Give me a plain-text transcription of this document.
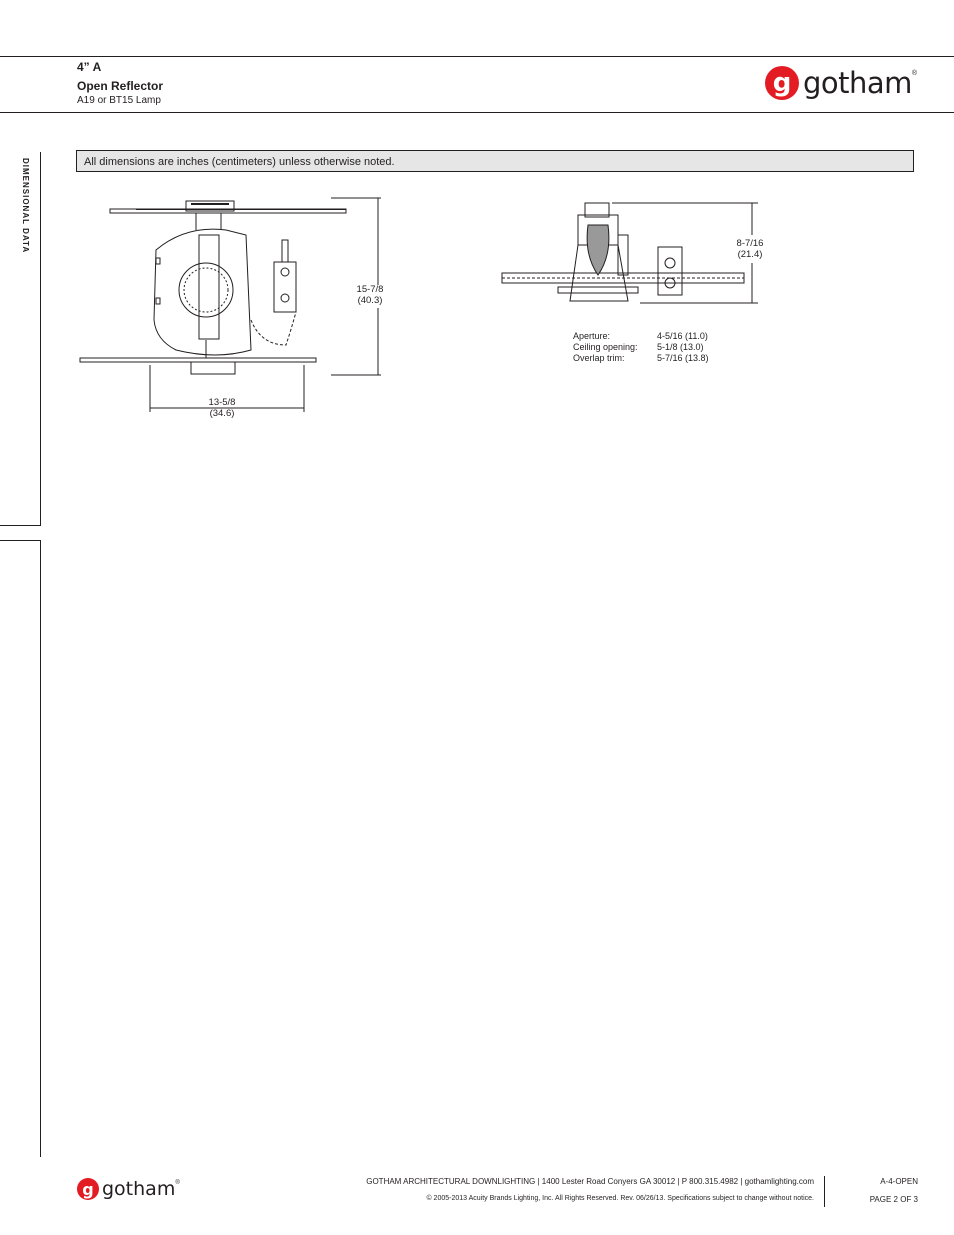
4” A
Open Reflector
A19 or BT15 Lamp
g gotham ®
DIMENSIONAL DATA	All dimensions are inches (centimeters) unless otherwise noted.
15-7/8
(40.3)
13-5/8
(34.6)
8-7/16
(21.4)
Aperture:	4-5/16 (11.0)
Ceiling opening:	5-1/8 (13.0)
Overlap trim:	5-7/16 (13.8)
g gotham ®	GOTHAM ARCHITECTURAL DOWNLIGHTING | 1400 Lester Road Conyers GA 30012 | P 800.315.4982 | gothamlighting.com
© 2005-2013 Acuity Brands Lighting, Inc. All Rights Reserved. Rev. 06/26/13. Specifications subject to change without notice.
A-4-OPEN
PAGE 2 OF 3
